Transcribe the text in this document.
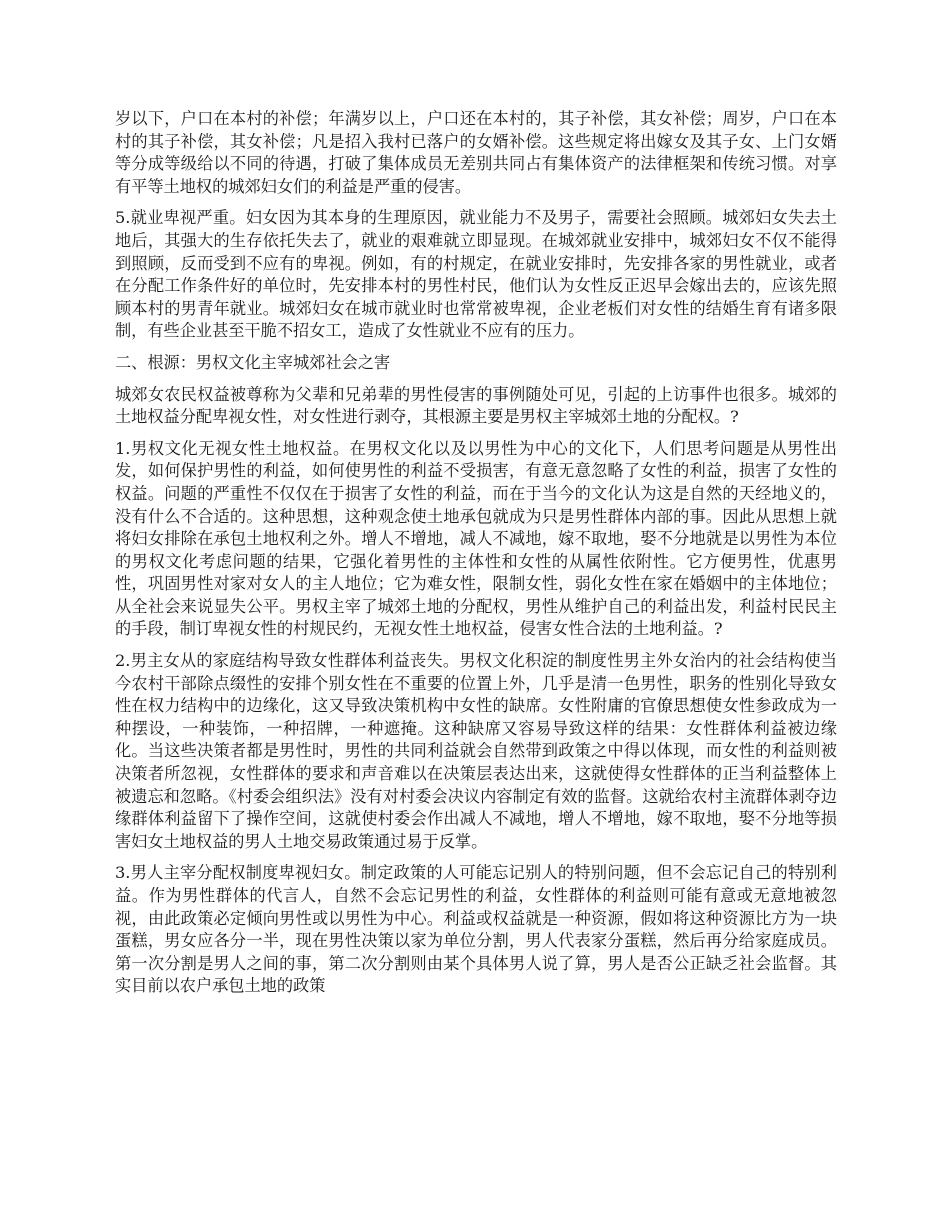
岁以下，户口在本村的补偿；年满岁以上，户口还在本村的，其子补偿，其女补偿；周岁，户口在本村的其子补偿，其女补偿；凡是招入我村已落户的女婿补偿。这些规定将出嫁女及其子女、上门女婿等分成等级给以不同的待遇，打破了集体成员无差别共同占有集体资产的法律框架和传统习惯。对享有平等土地权的城郊妇女们的利益是严重的侵害。

5.就业卑视严重。妇女因为其本身的生理原因，就业能力不及男子，需要社会照顾。城郊妇女失去土地后，其强大的生存依托失去了，就业的艰难就立即显现。在城郊就业安排中，城郊妇女不仅不能得到照顾，反而受到不应有的卑视。例如，有的村规定，在就业安排时，先安排各家的男性就业，或者在分配工作条件好的单位时，先安排本村的男性村民，他们认为女性反正迟早会嫁出去的，应该先照顾本村的男青年就业。城郊妇女在城市就业时也常常被卑视，企业老板们对女性的结婚生育有诸多限制，有些企业甚至干脆不招女工，造成了女性就业不应有的压力。

二、根源：男权文化主宰城郊社会之害

城郊女农民权益被尊称为父辈和兄弟辈的男性侵害的事例随处可见，引起的上访事件也很多。城郊的土地权益分配卑视女性，对女性进行剥夺，其根源主要是男权主宰城郊土地的分配权。?

1.男权文化无视女性土地权益。在男权文化以及以男性为中心的文化下，人们思考问题是从男性出发，如何保护男性的利益，如何使男性的利益不受损害，有意无意忽略了女性的利益，损害了女性的权益。问题的严重性不仅仅在于损害了女性的利益，而在于当今的文化认为这是自然的天经地义的，没有什么不合适的。这种思想，这种观念使土地承包就成为只是男性群体内部的事。因此从思想上就将妇女排除在承包土地权利之外。增人不增地，减人不减地，嫁不取地，娶不分地就是以男性为本位的男权文化考虑问题的结果，它强化着男性的主体性和女性的从属性依附性。它方便男性，优惠男性，巩固男性对家对女人的主人地位；它为难女性，限制女性，弱化女性在家在婚姻中的主体地位；从全社会来说显失公平。男权主宰了城郊土地的分配权，男性从维护自己的利益出发，利益村民民主的手段，制订卑视女性的村规民约，无视女性土地权益，侵害女性合法的土地利益。?

2.男主女从的家庭结构导致女性群体利益丧失。男权文化积淀的制度性男主外女治内的社会结构使当今农村干部除点缀性的安排个别女性在不重要的位置上外，几乎是清一色男性，职务的性别化导致女性在权力结构中的边缘化，这又导致决策机构中女性的缺席。女性附庸的官僚思想使女性参政成为一种摆设，一种装饰，一种招牌，一种遮掩。这种缺席又容易导致这样的结果：女性群体利益被边缘化。当这些决策者都是男性时，男性的共同利益就会自然带到政策之中得以体现，而女性的利益则被决策者所忽视，女性群体的要求和声音难以在决策层表达出来，这就使得女性群体的正当利益整体上被遗忘和忽略。《村委会组织法》没有对村委会决议内容制定有效的监督。这就给农村主流群体剥夺边缘群体利益留下了操作空间，这就使村委会作出减人不减地，增人不增地，嫁不取地，娶不分地等损害妇女土地权益的男人土地交易政策通过易于反掌。

3.男人主宰分配权制度卑视妇女。制定政策的人可能忘记别人的特别问题，但不会忘记自己的特别利益。作为男性群体的代言人，自然不会忘记男性的利益，女性群体的利益则可能有意或无意地被忽视，由此政策必定倾向男性或以男性为中心。利益或权益就是一种资源，假如将这种资源比方为一块蛋糕，男女应各分一半，现在男性决策以家为单位分割，男人代表家分蛋糕，然后再分给家庭成员。第一次分割是男人之间的事，第二次分割则由某个具体男人说了算，男人是否公正缺乏社会监督。其实目前以农户承包土地的政策
